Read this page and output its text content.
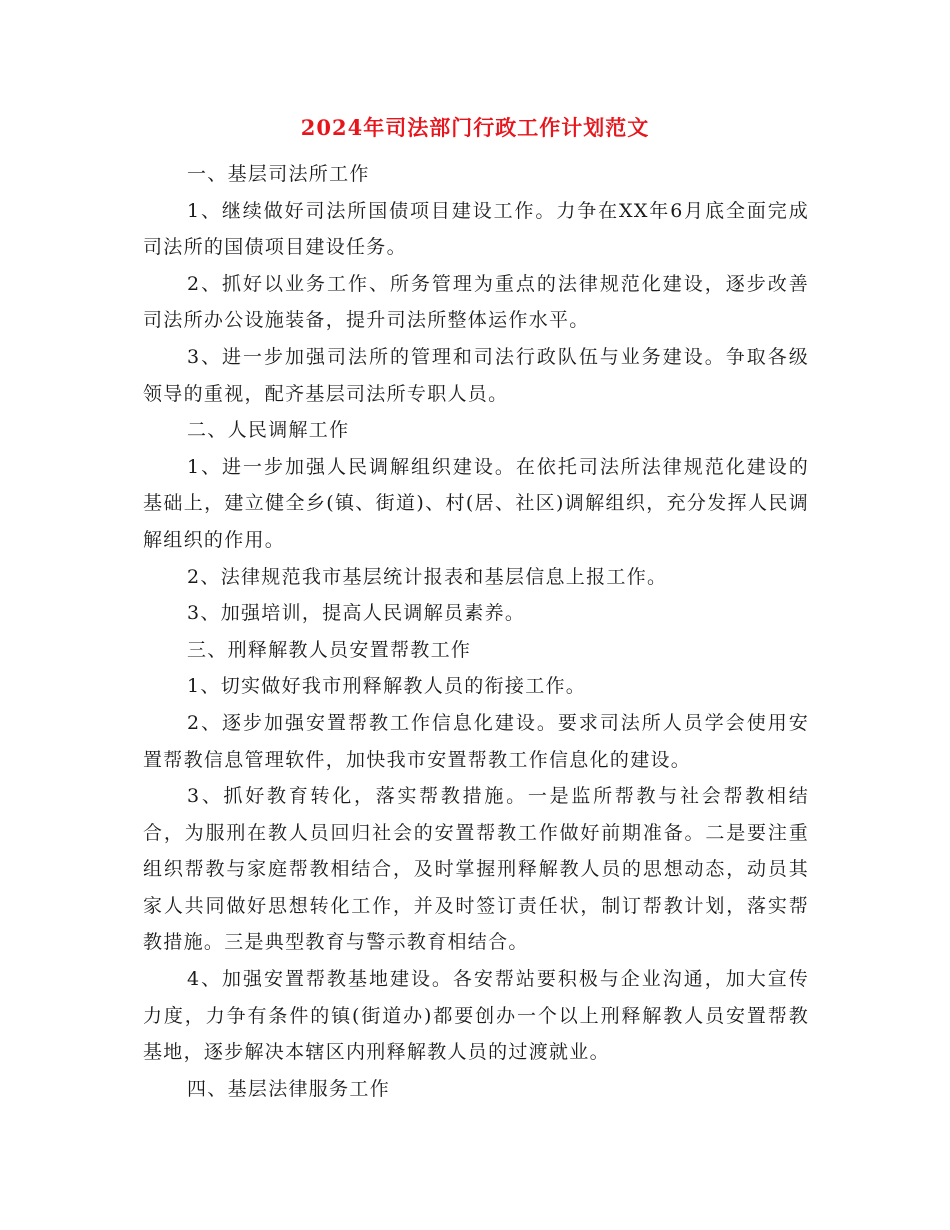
2024年司法部门行政工作计划范文

一、基层司法所工作

1、继续做好司法所国债项目建设工作。力争在XX年6月底全面完成司法所的国债项目建设任务。

2、抓好以业务工作、所务管理为重点的法律规范化建设，逐步改善司法所办公设施装备，提升司法所整体运作水平。

3、进一步加强司法所的管理和司法行政队伍与业务建设。争取各级领导的重视，配齐基层司法所专职人员。

二、人民调解工作

1、进一步加强人民调解组织建设。在依托司法所法律规范化建设的基础上，建立健全乡(镇、街道)、村(居、社区)调解组织，充分发挥人民调解组织的作用。

2、法律规范我市基层统计报表和基层信息上报工作。

3、加强培训，提高人民调解员素养。

三、刑释解教人员安置帮教工作

1、切实做好我市刑释解教人员的衔接工作。

2、逐步加强安置帮教工作信息化建设。要求司法所人员学会使用安置帮教信息管理软件，加快我市安置帮教工作信息化的建设。

3、抓好教育转化，落实帮教措施。一是监所帮教与社会帮教相结合，为服刑在教人员回归社会的安置帮教工作做好前期准备。二是要注重组织帮教与家庭帮教相结合，及时掌握刑释解教人员的思想动态，动员其家人共同做好思想转化工作，并及时签订责任状，制订帮教计划，落实帮教措施。三是典型教育与警示教育相结合。

4、加强安置帮教基地建设。各安帮站要积极与企业沟通，加大宣传力度，力争有条件的镇(街道办)都要创办一个以上刑释解教人员安置帮教基地，逐步解决本辖区内刑释解教人员的过渡就业。

四、基层法律服务工作
